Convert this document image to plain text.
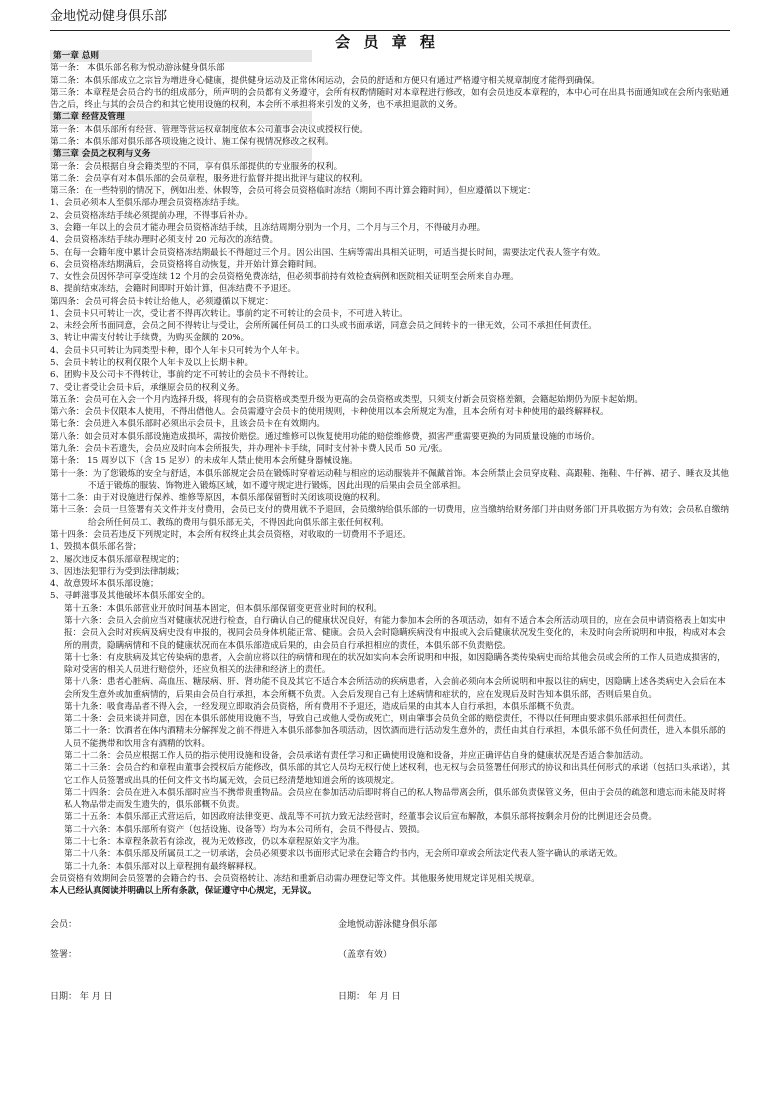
金地悦动健身俱乐部
会 员 章 程
第一章 总则
第一条： 本俱乐部名称为悦动游泳健身俱乐部
第二条：本俱乐部成立之宗旨为增进身心健康，提供健身运动及正常休闲运动，会员的舒适和方便只有通过严格遵守相关规章制度才能得到确保。
第三条：本章程是会员合约书的组成部分，所声明的会员都有义务遵守，会所有权酌情随时对本章程进行修改，如有会员违反本章程的，本中心可在出具书面通知或在会所内张贴通告之后，终止与其的会员合约和其它使用设施的权利，本会所不承担将来引发的义务，也不承担退款的义务。
第二章 经营及管理
第一条：本俱乐部所有经营、管理等营运权章制度依本公司董事会决议或授权行使。
第二条：本俱乐部对俱乐部各项设施之设计、施工保有视情况修改之权利。
第三章 会员之权利与义务
第一条：会员根据自身会籍类型的不同，享有俱乐部提供的专业服务的权利。
第二条：会员享有对本俱乐部的会员章程，服务进行监督并提出批评与建议的权利。
第三条：在一些特别的情况下，例如出差、休假等，会员可将会员资格临时冻结（期间不再计算会籍时间），但应遵循以下规定：
1、会员必须本人至俱乐部办理会员资格冻结手续。
2、会员资格冻结手续必须提前办理，不得事后补办。
3、会籍一年以上的会员才能办理会员资格冻结手续，且冻结周期分别为一个月，二个月与三个月，不得破月办理。
4、会员资格冻结手续办理时必须支付 20 元每次的冻结费。
5、在每一会籍年度中累计会员资格冻结期最长不得超过三个月。因公出国、生病等需出具相关证明，可适当提长时间，需要法定代表人签字有效。
6、会员资格冻结期满后，会员资格将自动恢复，并开始计算会籍时间。
7、女性会员因怀孕可享受连续 12 个月的会员资格免费冻结，但必须事前持有效检查病例和医院相关证明至会所来自办理。
8、提前结束冻结，会籍时间即时开始计算，但冻结费不予退还。
第四条：会员可将会员卡转让给他人，必须遵循以下规定：
1、会员卡只可转让一次，受让者不得再次转让。事前约定不可转让的会员卡，不可进入转让。
2、未经会所书面同意，会员之间不得转让与受让，会所所属任何员工的口头或书面承诺，同意会员之间转卡的一律无效，公司不承担任何责任。
3、转让申需支付转让手续费，为购买金额的 20%。
4、会员卡只可转让为同类型卡种，即个人年卡只可转为个人年卡。
5、会员卡转让的权利仅限个人年卡及以上长期卡种。
6、团购卡及公司卡不得转让，事前约定不可转让的会员卡不得转让。
7、受让者受让会员卡后，承继原会员的权利义务。
第五条：会员可在入会一个月内选择升级，将现有的会员资格或类型升级为更高的会员资格或类型，只须支付新会员资格差额，会籍起始期仍为原卡起始期。
第六条：会员卡仅限本人使用，不得出借他人。会员需遵守会员卡的使用规则，卡种使用以本会所规定为准，且本会所有对卡种使用的最终解释权。
第七条：会员进入本俱乐部时必须出示会员卡，且该会员卡在有效期内。
第八条：如会员对本俱乐部设施造成损坏，需按价赔偿。通过维修可以恢复使用功能的赔偿维修费，损害严重需要更换的为同质量设施的市场价。
第九条：会员卡若遗失，会员应及时向本会所报失，并办理补卡手续，同时支付补卡费人民币 50 元/张。
第十条： 15 周岁以下（含 15 足岁）的未成年人禁止使用本会所健身器械设施。
第十一条：为了您锻炼的安全与舒适，本俱乐部规定会员在锻炼时穿着运动鞋与相应的运动服装并不佩戴首饰。本会所禁止会员穿皮鞋、高跟鞋、拖鞋、牛仔裤、裙子、睡衣及其他不适于锻炼的服装、饰物进入锻炼区域，如不遵守规定进行锻炼，因此出现的后果由会员全部承担。
第十二条：由于对设施进行保养、维修等原因，本俱乐部保留暂时关闭该项设施的权利。
第十三条：会员一旦签署有关文件并支付费用，会员已支付的费用就不予退回，会员缴纳给俱乐部的一切费用，应当缴纳给财务部门并由财务部门开具收据方为有效；会员私自缴纳给会所任何员工、教练的费用与俱乐部无关，不得因此向俱乐部主张任何权利。
第十四条：会员若违反下列规定时，本会所有权终止其会员资格，对收取的一切费用不予退还。
1、毁损本俱乐部名誉；
2、屡次违反本俱乐部章程规定的；
3、因违法犯罪行为受到法律制裁；
4、故意毁坏本俱乐部设施；
5、寻衅滋事及其他破坏本俱乐部安全的。
第十五条：本俱乐部营业开放时间基本固定，但本俱乐部保留变更营业时间的权利。
第十六条：会员入会前应当对健康状况进行检查，自行确认自己的健康状况良好，有能力参加本会所的各项活动，如有不适合本会所活动项目的，应在会员申请资格表上如实申报：会员入会时对疾病及病史没有申报的，视同会员身体机能正常、健康。会员入会时隐瞒疾病没有申报或入会后健康状况发生变化的，未及时向会所说明和申报，构成对本会所的刑责，隐瞒病情和不良的健康状况而在本俱乐部造成后果的，由会员自行承担相应的责任，本俱乐部不负责赔偿。
第十七条：有皮肤病及其它传染病的患者，入会前应将以往的病情和现在的状况如实向本会所说明和申报，如因隐瞒各类传染病史而给其他会员或会所的工作人员造成损害的，除对受害的相关人员进行赔偿外，还应负相关的法律和经济上的责任。
第十八条：患者心脏病、高血压、糖尿病、肝、肾功能不良及其它不适合本会所活动的疾病患者，入会前必须向本会所说明和申报以往的病史，因隐瞒上述各类病史入会后在本会所发生意外或加重病情的，后果由会员自行承担，本会所概不负责。入会后发现自己有上述病情和症状的，应在发现后及时告知本俱乐部，否则后果自负。
第十九条：吸食毒品者不得入会，一经发现立即取消会员资格，所有费用不予退还，造成后果的由其本人自行承担，本俱乐部概不负责。
第二十条：会员来谈并同意，因在本俱乐部使用设施不当，导致自己或他人受伤或死亡，则由肇事会员负全部的赔偿责任，不得以任何理由要求俱乐部承担任何责任。
第二十一条：饮酒者在体内酒精未分解挥发之前不得进入本俱乐部参加各项活动，因饮酒而进行活动发生意外的，责任由其自行承担，本俱乐部不负任何责任，进入本俱乐部的人员不能携带和饮用含有酒精的饮料。
第二十二条：会员应根据工作人员的指示使用设施和设备，会员承诺有责任学习和正确使用设施和设备，并应正确评估自身的健康状况是否适合参加活动。
第二十三条：会员合约和章程由董事会授权后方能修改，俱乐部的其它人员均无权行使上述权利，也无权与会员签署任何形式的协议和出具任何形式的承诺（包括口头承诺），其它工作人员签署或出具的任何文件文书均属无效，会员已经清楚地知道会所的该项规定。
第二十四条：会员在进入本俱乐部时应当不携带贵重物品。会员应在参加活动后即时将自己的私人物品带离会所，俱乐部负责保管义务，但由于会员的疏忽和遗忘而未能及时将私人物品带走而发生遗失的，俱乐部概不负责。
第二十五条：本俱乐部正式营运后，如因政府法律变更、战乱等不可抗力致无法经营时，经董事会议后宣布解散，本俱乐部将按剩余月份的比例退还会员费。
第二十六条：本俱乐部所有资产（包括设施、设备等）均为本公司所有，会员不得侵占、毁损。
第二十七条：本章程条款若有涂改，视为无效修改，仍以本章程原始文字为准。
第二十八条：本俱乐部及所属员工之一切承诺，会员必须要求以书面形式记录在会籍合约书内，无会所印章或会所法定代表人签字确认的承诺无效。
第二十九条：本俱乐部对以上章程拥有最终解释权。
会员资格有效期间会员签署的会籍合约书、会员资格转让、冻结和重新启动需办理登记等文件。其他服务使用规定详见相关规章。
本人已经认真阅读并明确以上所有条款，保证遵守中心规定，无异议。
会员：	金地悦动游泳健身俱乐部
签署：	（盖章有效）
日期： 年 月 日	日期： 年 月 日
